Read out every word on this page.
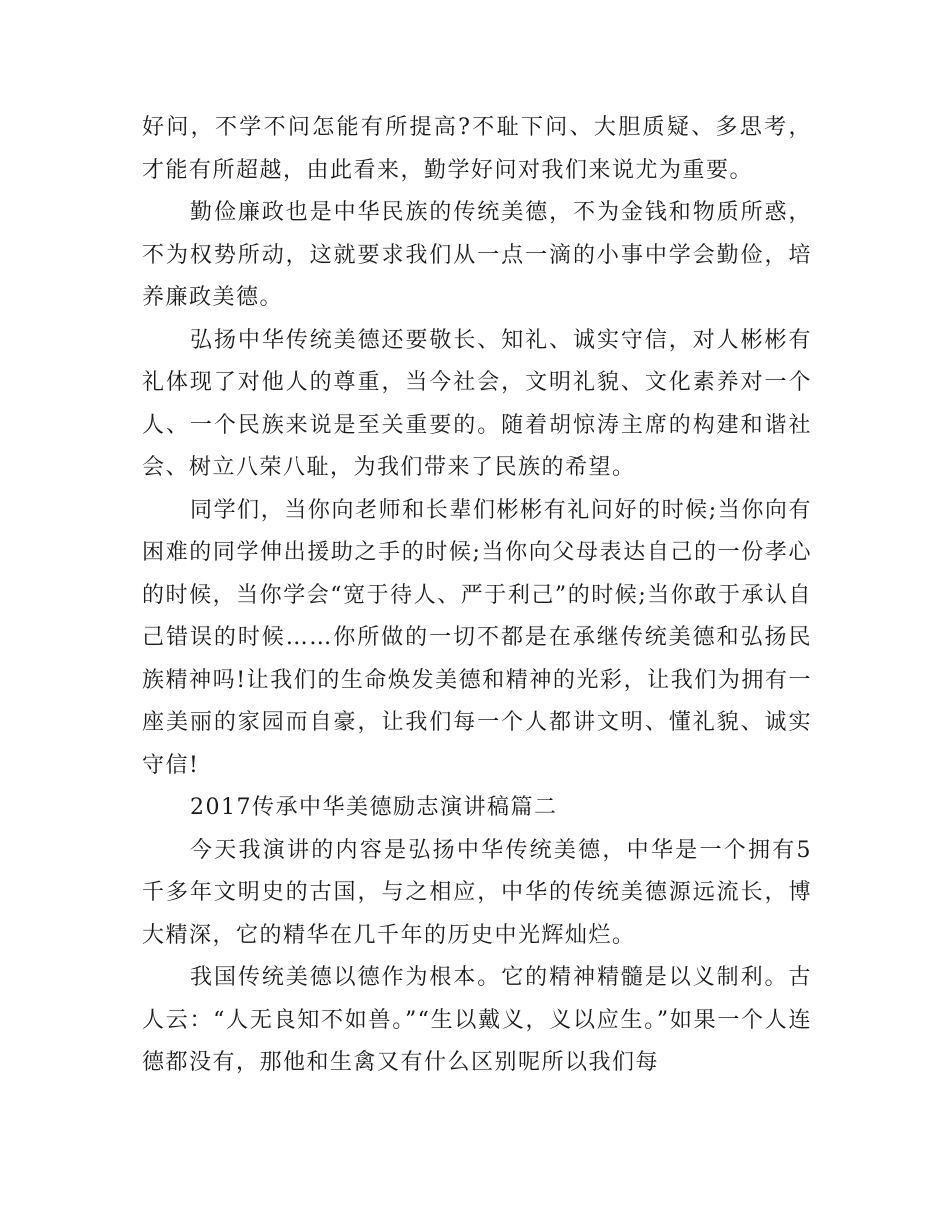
好问，不学不问怎能有所提高?不耻下问、大胆质疑、多思考，才能有所超越，由此看来，勤学好问对我们来说尤为重要。

勤俭廉政也是中华民族的传统美德，不为金钱和物质所惑，不为权势所动，这就要求我们从一点一滴的小事中学会勤俭，培养廉政美德。

弘扬中华传统美德还要敬长、知礼、诚实守信，对人彬彬有礼体现了对他人的尊重，当今社会，文明礼貌、文化素养对一个人、一个民族来说是至关重要的。随着胡惊涛主席的构建和谐社会、树立八荣八耻，为我们带来了民族的希望。

同学们，当你向老师和长辈们彬彬有礼问好的时候;当你向有困难的同学伸出援助之手的时候;当你向父母表达自己的一份孝心的时候，当你学会“宽于待人、严于利己”的时候;当你敢于承认自己错误的时候……你所做的一切不都是在承继传统美德和弘扬民族精神吗!让我们的生命焕发美德和精神的光彩，让我们为拥有一座美丽的家园而自豪，让我们每一个人都讲文明、懂礼貌、诚实守信!

2017传承中华美德励志演讲稿篇二

今天我演讲的内容是弘扬中华传统美德，中华是一个拥有5千多年文明史的古国，与之相应，中华的传统美德源远流长，博大精深，它的精华在几千年的历史中光辉灿烂。

我国传统美德以德作为根本。它的精神精髓是以义制利。古人云：“人无良知不如兽。”“生以戴义，义以应生。”如果一个人连德都没有，那他和生禽又有什么区别呢所以我们每
